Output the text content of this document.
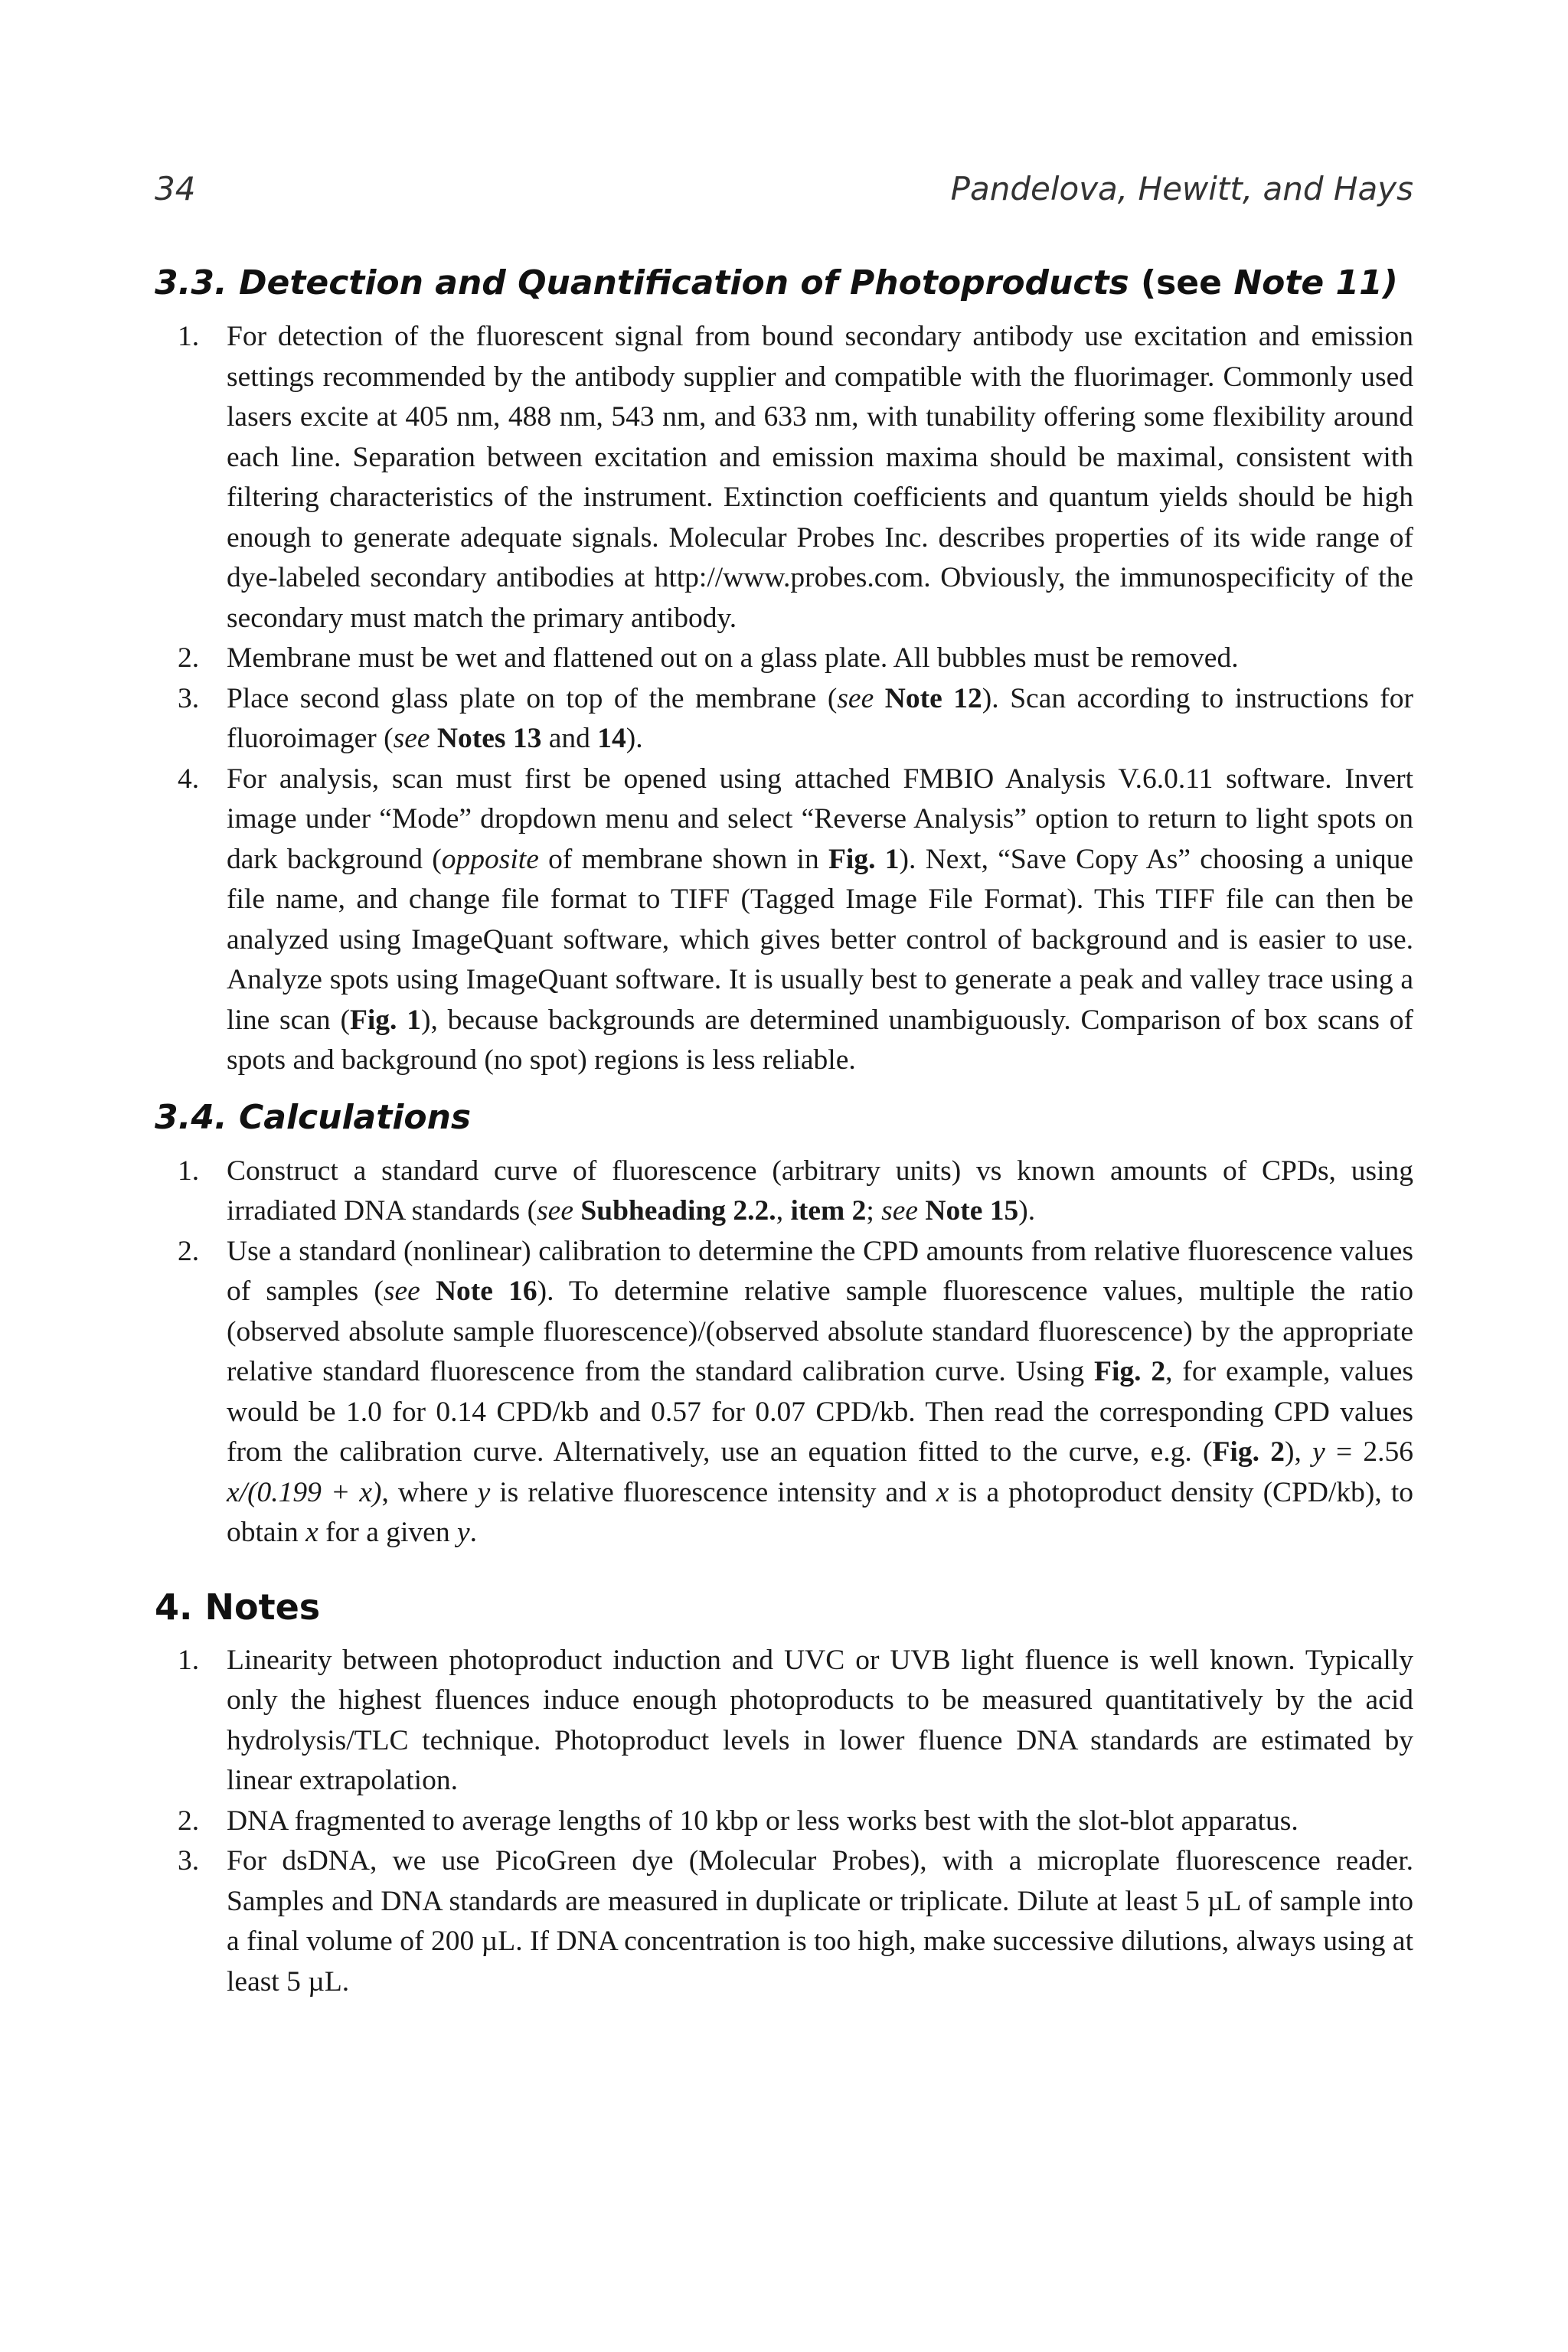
34	Pandelova, Hewitt, and Hays
3.3. Detection and Quantification of Photoproducts (see Note 11)
1. For detection of the fluorescent signal from bound secondary antibody use excitation and emission settings recommended by the antibody supplier and compatible with the fluorimager. Commonly used lasers excite at 405 nm, 488 nm, 543 nm, and 633 nm, with tunability offering some flexibility around each line. Separation between excitation and emission maxima should be maximal, consistent with filtering characteristics of the instrument. Extinction coefficients and quantum yields should be high enough to generate adequate signals. Molecular Probes Inc. describes properties of its wide range of dye-labeled secondary antibodies at http://www.probes.com. Obviously, the immunospecificity of the secondary must match the primary antibody.
2. Membrane must be wet and flattened out on a glass plate. All bubbles must be removed.
3. Place second glass plate on top of the membrane (see Note 12). Scan according to instructions for fluoroimager (see Notes 13 and 14).
4. For analysis, scan must first be opened using attached FMBIO Analysis V.6.0.11 software. Invert image under “Mode” dropdown menu and select “Reverse Analysis” option to return to light spots on dark background (opposite of membrane shown in Fig. 1). Next, “Save Copy As” choosing a unique file name, and change file format to TIFF (Tagged Image File Format). This TIFF file can then be analyzed using ImageQuant software, which gives better control of background and is easier to use. Analyze spots using ImageQuant software. It is usually best to generate a peak and valley trace using a line scan (Fig. 1), because backgrounds are determined unambiguously. Comparison of box scans of spots and background (no spot) regions is less reliable.
3.4. Calculations
1. Construct a standard curve of fluorescence (arbitrary units) vs known amounts of CPDs, using irradiated DNA standards (see Subheading 2.2., item 2; see Note 15).
2. Use a standard (nonlinear) calibration to determine the CPD amounts from relative fluorescence values of samples (see Note 16). To determine relative sample fluorescence values, multiple the ratio (observed absolute sample fluorescence)/(observed absolute standard fluorescence) by the appropriate relative standard fluorescence from the standard calibration curve. Using Fig. 2, for example, values would be 1.0 for 0.14 CPD/kb and 0.57 for 0.07 CPD/kb. Then read the corresponding CPD values from the calibration curve. Alternatively, use an equation fitted to the curve, e.g. (Fig. 2), y = 2.56 x/(0.199 + x), where y is relative fluorescence intensity and x is a photoproduct density (CPD/kb), to obtain x for a given y.
4. Notes
1. Linearity between photoproduct induction and UVC or UVB light fluence is well known. Typically only the highest fluences induce enough photoproducts to be measured quantitatively by the acid hydrolysis/TLC technique. Photoproduct levels in lower fluence DNA standards are estimated by linear extrapolation.
2. DNA fragmented to average lengths of 10 kbp or less works best with the slot-blot apparatus.
3. For dsDNA, we use PicoGreen dye (Molecular Probes), with a microplate fluorescence reader. Samples and DNA standards are measured in duplicate or triplicate. Dilute at least 5 µL of sample into a final volume of 200 µL. If DNA concentration is too high, make successive dilutions, always using at least 5 µL.
